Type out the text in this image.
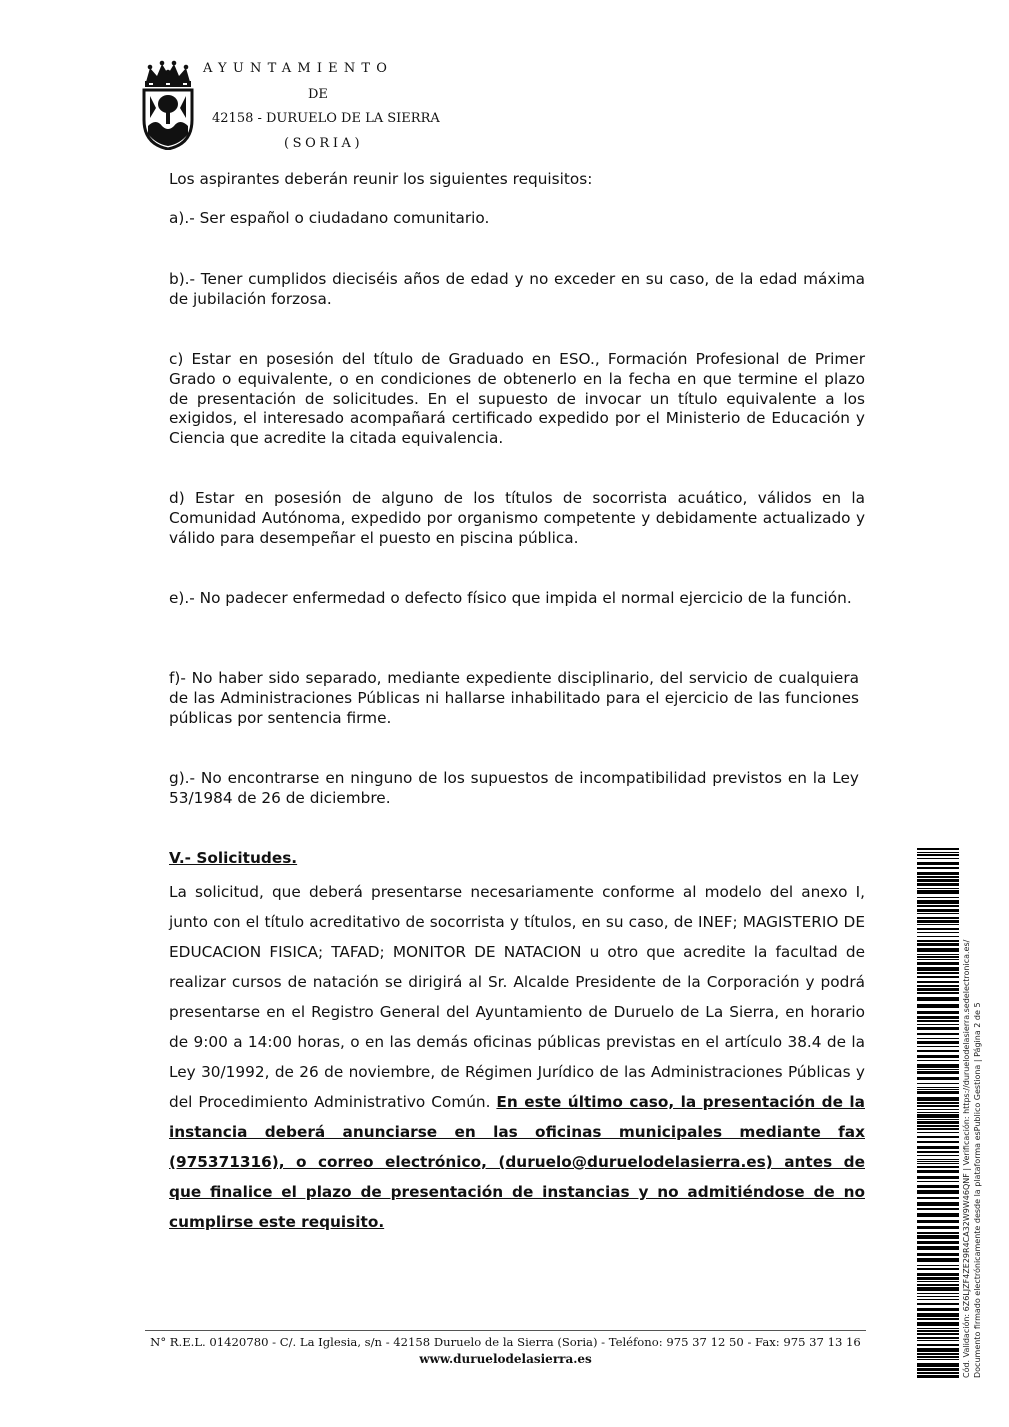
AYUNTAMIENTO
DE
42158 - DURUELO DE LA SIERRA
(SORIA)

Los aspirantes deberán reunir los siguientes requisitos:

a).- Ser español o ciudadano comunitario.

b).- Tener cumplidos dieciséis años de edad y no exceder en su caso, de la edad máxima de jubilación forzosa.

c) Estar en posesión del título de Graduado en ESO., Formación Profesional de Primer Grado o equivalente, o en condiciones de obtenerlo en la fecha en que termine el plazo de presentación de solicitudes. En el supuesto de invocar un título equivalente a los exigidos, el interesado acompañará certificado expedido por el Ministerio de Educación y Ciencia que acredite la citada equivalencia.

d) Estar en posesión de alguno de los títulos de socorrista acuático, válidos en la Comunidad Autónoma, expedido por organismo competente y debidamente actualizado y válido para desempeñar el puesto en piscina pública.

e).- No padecer enfermedad o defecto físico que impida el normal ejercicio de la función.

f)- No haber sido separado, mediante expediente disciplinario, del servicio de cualquiera de las Administraciones Públicas ni hallarse inhabilitado para el ejercicio de las funciones públicas por sentencia firme.

g).- No encontrarse en ninguno de los supuestos de incompatibilidad previstos en la Ley 53/1984 de 26 de diciembre.

V.- Solicitudes.

La solicitud, que deberá presentarse necesariamente conforme al modelo del anexo I, junto con el título acreditativo de socorrista y títulos, en su caso, de INEF; MAGISTERIO DE EDUCACION FISICA; TAFAD; MONITOR DE NATACION u otro que acredite la facultad de realizar cursos de natación se dirigirá al Sr. Alcalde Presidente de la Corporación y podrá presentarse en el Registro General del Ayuntamiento de Duruelo de La Sierra, en horario de 9:00 a 14:00 horas, o en las demás oficinas públicas previstas en el artículo 38.4 de la Ley 30/1992, de 26 de noviembre, de Régimen Jurídico de las Administraciones Públicas y del Procedimiento Administrativo Común. En este último caso, la presentación de la instancia deberá anunciarse en las oficinas municipales mediante fax (975371316), o correo electrónico, (duruelo@duruelodelasierra.es) antes de que finalice el plazo de presentación de instancias y no admitiéndose de no cumplirse este requisito.

N° R.E.L. 01420780 - C/. La Iglesia, s/n - 42158 Duruelo de la Sierra (Soria) - Teléfono: 975 37 12 50 - Fax: 975 37 13 16
www.duruelodelasierra.es	Cód. Validación: 6Z6LJZF4ZE29R4CA32W9W46QNF | Verificación: https://duruelodelasierra.sedelectronica.es/ Documento firmado electrónicamente desde la plataforma esPublico Gestiona | Página 2 de 5
